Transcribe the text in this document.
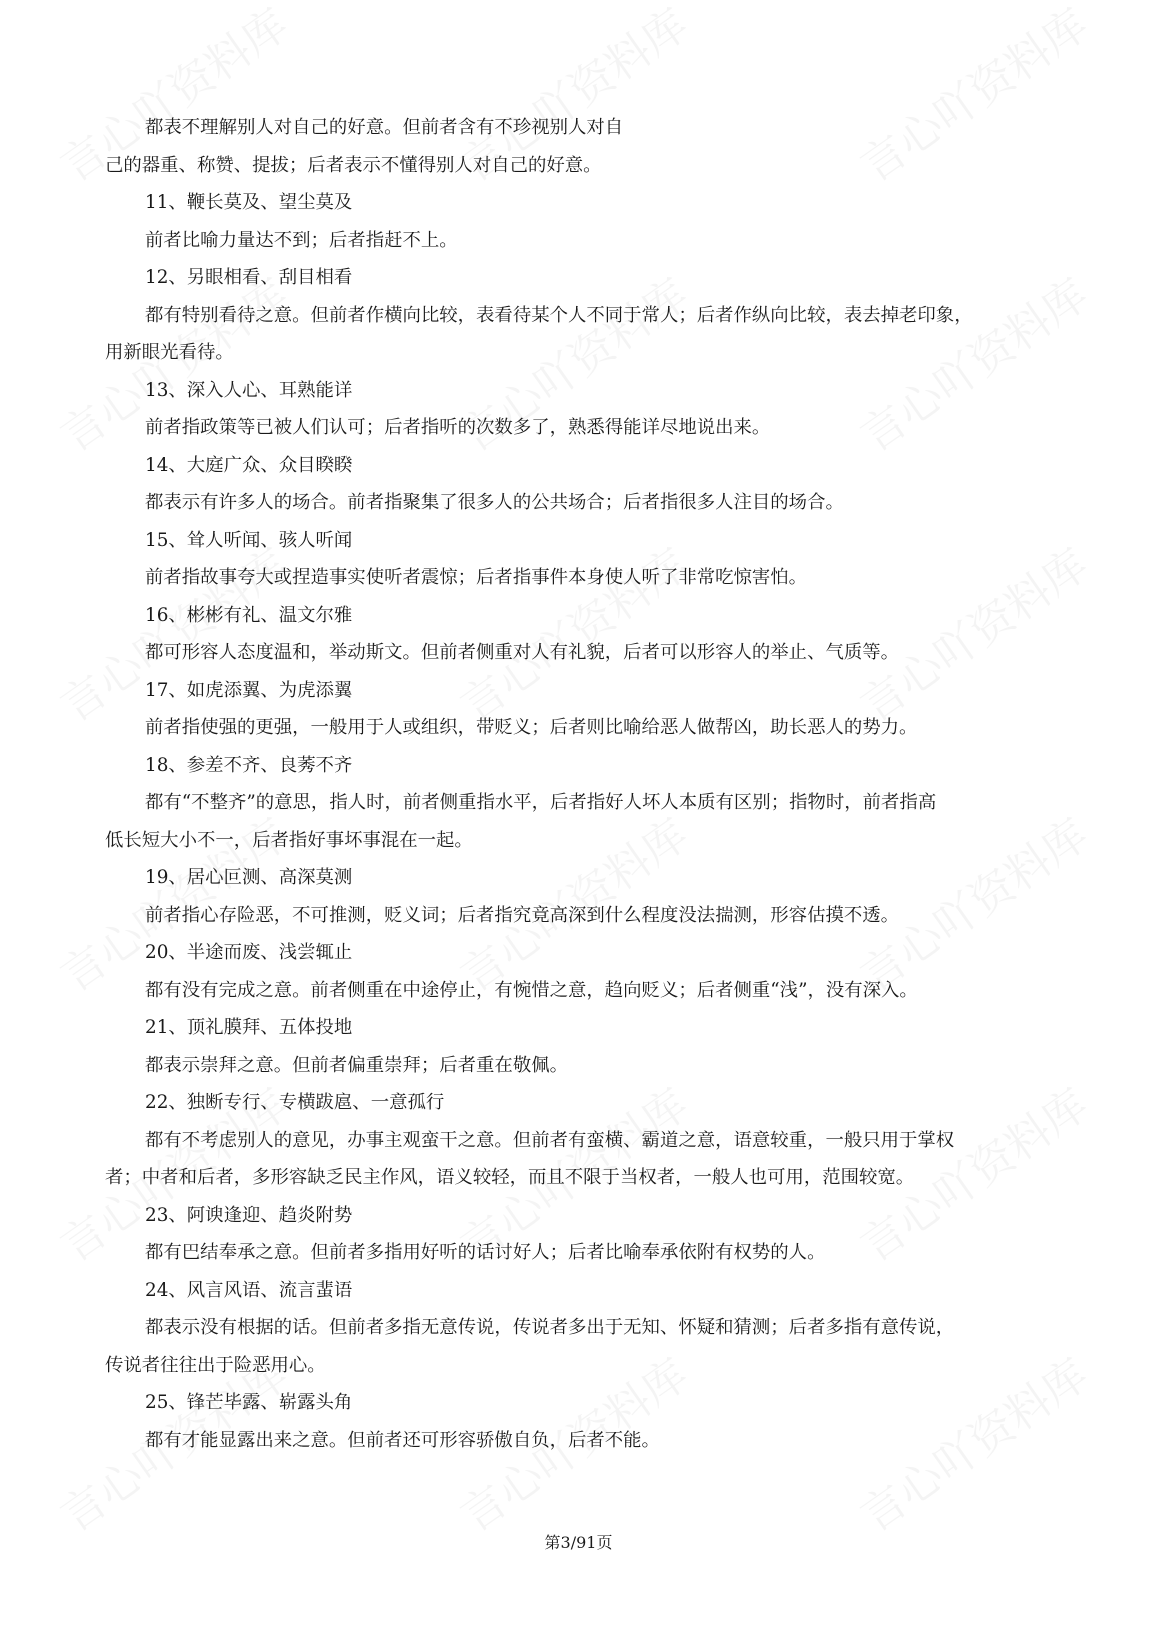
都表不理解别人对自己的好意。但前者含有不珍视别人对自
己的器重、称赞、提拔；后者表示不懂得别人对自己的好意。
11、鞭长莫及、望尘莫及
前者比喻力量达不到；后者指赶不上。
12、另眼相看、刮目相看
都有特别看待之意。但前者作横向比较，表看待某个人不同于常人；后者作纵向比较，表去掉老印象，
用新眼光看待。
13、深入人心、耳熟能详
前者指政策等已被人们认可；后者指听的次数多了，熟悉得能详尽地说出来。
14、大庭广众、众目睽睽
都表示有许多人的场合。前者指聚集了很多人的公共场合；后者指很多人注目的场合。
15、耸人听闻、骇人听闻
前者指故事夸大或捏造事实使听者震惊；后者指事件本身使人听了非常吃惊害怕。
16、彬彬有礼、温文尔雅
都可形容人态度温和，举动斯文。但前者侧重对人有礼貌，后者可以形容人的举止、气质等。
17、如虎添翼、为虎添翼
前者指使强的更强，一般用于人或组织，带贬义；后者则比喻给恶人做帮凶，助长恶人的势力。
18、参差不齐、良莠不齐
都有“不整齐”的意思，指人时，前者侧重指水平，后者指好人坏人本质有区别；指物时，前者指高
低长短大小不一，后者指好事坏事混在一起。
19、居心叵测、高深莫测
前者指心存险恶，不可推测，贬义词；后者指究竟高深到什么程度没法揣测，形容估摸不透。
20、半途而废、浅尝辄止
都有没有完成之意。前者侧重在中途停止，有惋惜之意，趋向贬义；后者侧重“浅”，没有深入。
21、顶礼膜拜、五体投地
都表示崇拜之意。但前者偏重崇拜；后者重在敬佩。
22、独断专行、专横跋扈、一意孤行
都有不考虑别人的意见，办事主观蛮干之意。但前者有蛮横、霸道之意，语意较重，一般只用于掌权
者；中者和后者，多形容缺乏民主作风，语义较轻，而且不限于当权者，一般人也可用，范围较宽。
23、阿谀逢迎、趋炎附势
都有巴结奉承之意。但前者多指用好听的话讨好人；后者比喻奉承依附有权势的人。
24、风言风语、流言蜚语
都表示没有根据的话。但前者多指无意传说，传说者多出于无知、怀疑和猜测；后者多指有意传说，
传说者往往出于险恶用心。
25、锋芒毕露、崭露头角
都有才能显露出来之意。但前者还可形容骄傲自负，后者不能。
第3/91页
